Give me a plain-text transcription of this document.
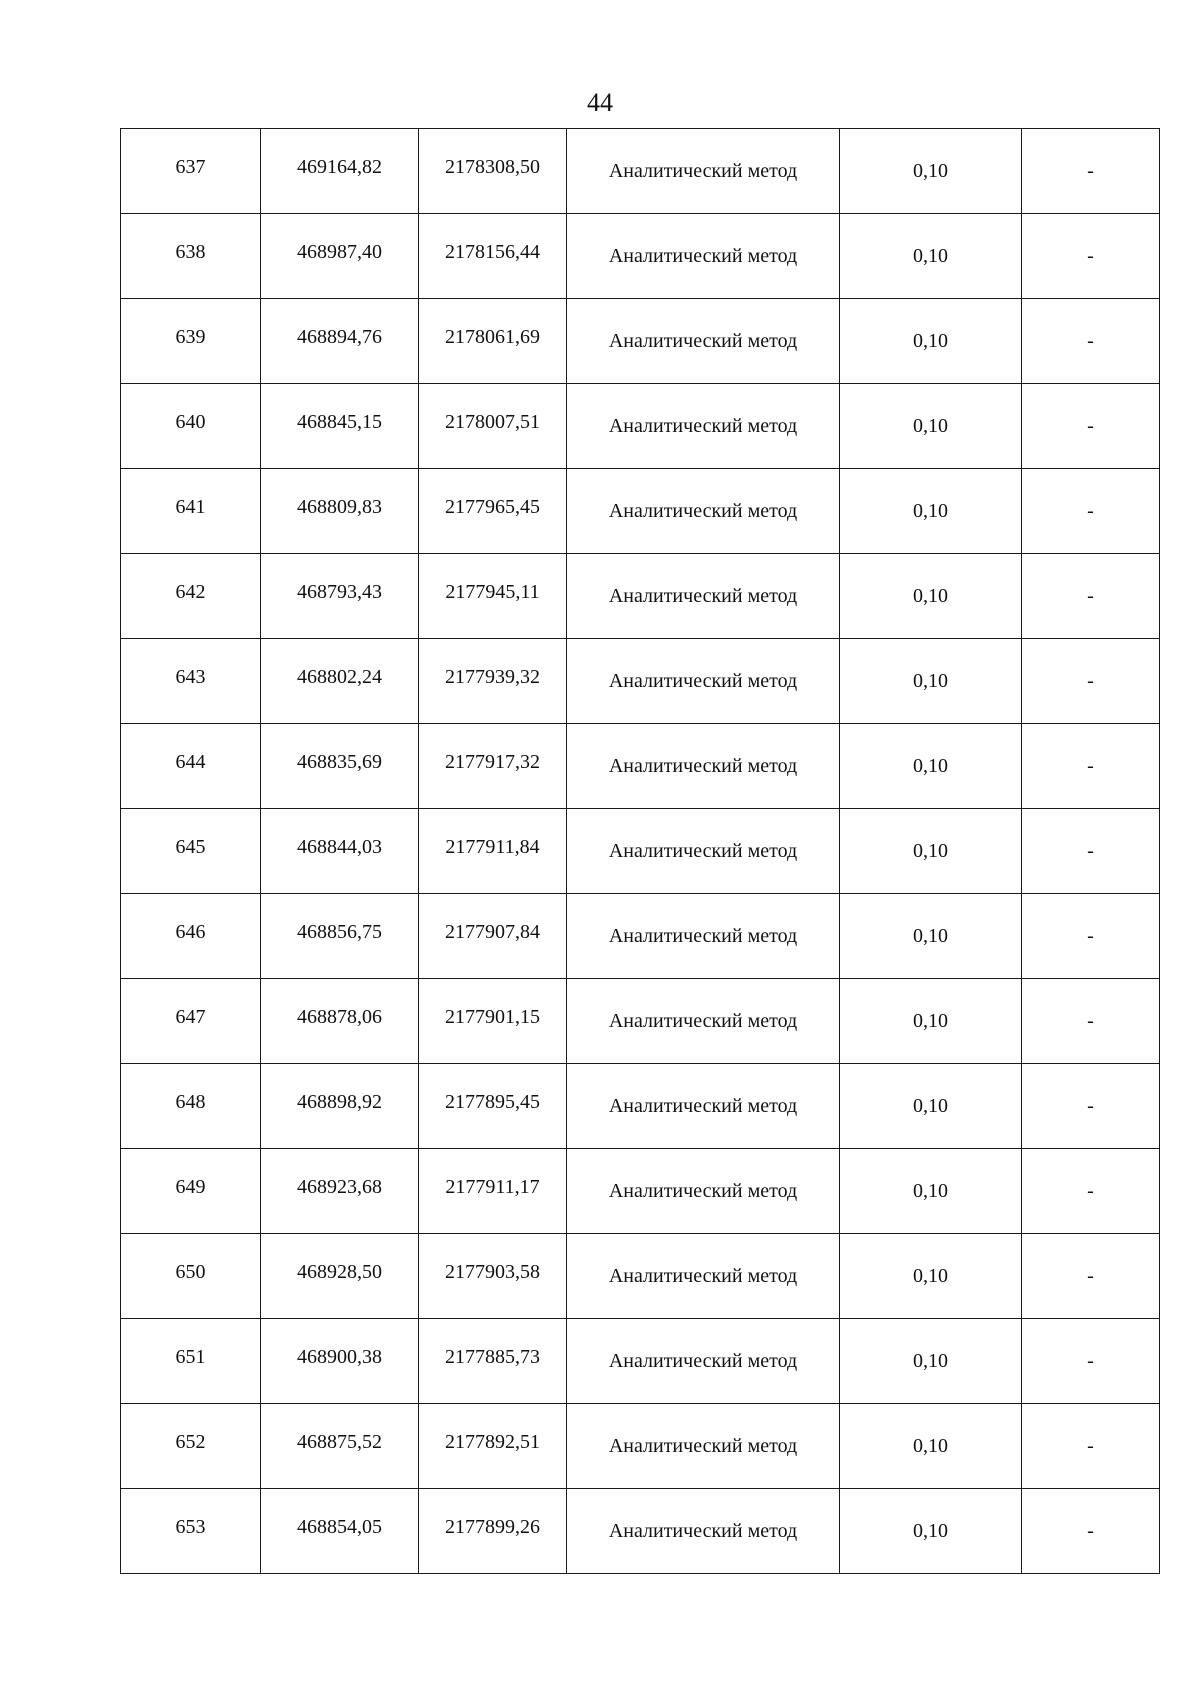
44
637	469164,82	2178308,50	Аналитический метод	0,10	-
638	468987,40	2178156,44	Аналитический метод	0,10	-
639	468894,76	2178061,69	Аналитический метод	0,10	-
640	468845,15	2178007,51	Аналитический метод	0,10	-
641	468809,83	2177965,45	Аналитический метод	0,10	-
642	468793,43	2177945,11	Аналитический метод	0,10	-
643	468802,24	2177939,32	Аналитический метод	0,10	-
644	468835,69	2177917,32	Аналитический метод	0,10	-
645	468844,03	2177911,84	Аналитический метод	0,10	-
646	468856,75	2177907,84	Аналитический метод	0,10	-
647	468878,06	2177901,15	Аналитический метод	0,10	-
648	468898,92	2177895,45	Аналитический метод	0,10	-
649	468923,68	2177911,17	Аналитический метод	0,10	-
650	468928,50	2177903,58	Аналитический метод	0,10	-
651	468900,38	2177885,73	Аналитический метод	0,10	-
652	468875,52	2177892,51	Аналитический метод	0,10	-
653	468854,05	2177899,26	Аналитический метод	0,10	-
